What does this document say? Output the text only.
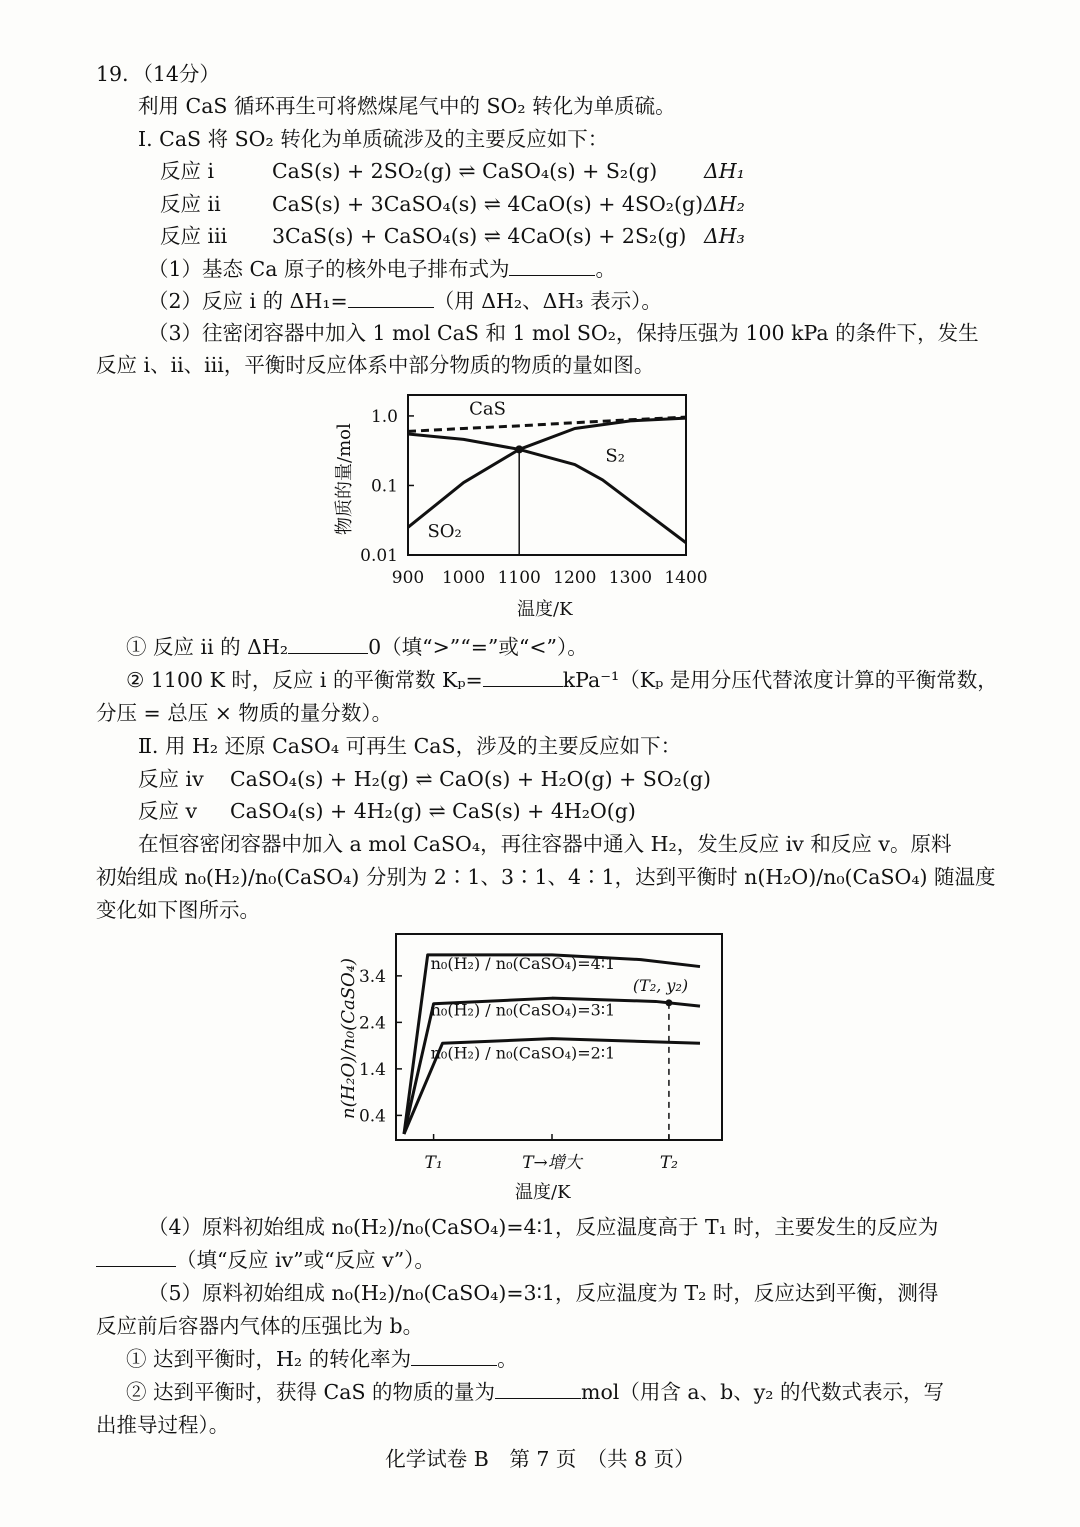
19．（14分）
利用 CaS 循环再生可将燃煤尾气中的 SO₂ 转化为单质硫。
Ⅰ. CaS 将 SO₂ 转化为单质硫涉及的主要反应如下：
反应 i	CaS(s) + 2SO₂(g) ⇌ CaSO₄(s) + S₂(g) ΔH₁
反应 ii	CaS(s) + 3CaSO₄(s) ⇌ 4CaO(s) + 4SO₂(g) ΔH₂
反应 iii 3CaS(s) + CaSO₄(s) ⇌ 4CaO(s) + 2S₂(g) ΔH₃
（1）基态 Ca 原子的核外电子排布式为	。
（2）反应 i 的 ΔH₁=	（用 ΔH₂、ΔH₃ 表示）。
（3）往密闭容器中加入 1 mol CaS 和 1 mol SO₂，保持压强为 100 kPa 的条件下，发生
反应 i、ii、iii，平衡时反应体系中部分物质的物质的量如图。
1.0
0.1
0.01
900 1000 1100 1200 1300 1400
CaS
S₂
SO₂
温度/K
物质的量/mol
① 反应 ii 的 ΔH₂	0（填“>”“=”或“<”）。
② 1100 K 时，反应 i 的平衡常数 Kₚ=	kPa⁻¹（Kₚ 是用分压代替浓度计算的平衡常数，
分压 = 总压 × 物质的量分数）。
Ⅱ. 用 H₂ 还原 CaSO₄ 可再生 CaS，涉及的主要反应如下：
反应 iv CaSO₄(s) + H₂(g) ⇌ CaO(s) + H₂O(g) + SO₂(g)
反应 v CaSO₄(s) + 4H₂(g) ⇌ CaS(s) + 4H₂O(g)
在恒容密闭容器中加入 a mol CaSO₄，再往容器中通入 H₂，发生反应 iv 和反应 v。原料
初始组成 n₀(H₂)/n₀(CaSO₄) 分别为 2∶1、3∶1、4∶1，达到平衡时 n(H₂O)/n₀(CaSO₄) 随温度
变化如下图所示。
3.4
2.4
1.4
0.4
T₁	T→增大	T₂
n₀(H₂) / n₀(CaSO₄)=4∶1
n₀(H₂) / n₀(CaSO₄)=3∶1
n₀(H₂) / n₀(CaSO₄)=2∶1
(T₂, y₂)
温度/K
n(H₂O)/n₀(CaSO₄)
（4）原料初始组成 n₀(H₂)/n₀(CaSO₄)=4∶1，反应温度高于 T₁ 时，主要发生的反应为
（填“反应 iv”或“反应 v”）。
（5）原料初始组成 n₀(H₂)/n₀(CaSO₄)=3∶1，反应温度为 T₂ 时，反应达到平衡，测得
反应前后容器内气体的压强比为 b。
① 达到平衡时，H₂ 的转化率为	。
② 达到平衡时，获得 CaS 的物质的量为	mol（用含 a、b、y₂ 的代数式表示，写
出推导过程）。
化学试卷 B　第 7 页　（共 8 页）
